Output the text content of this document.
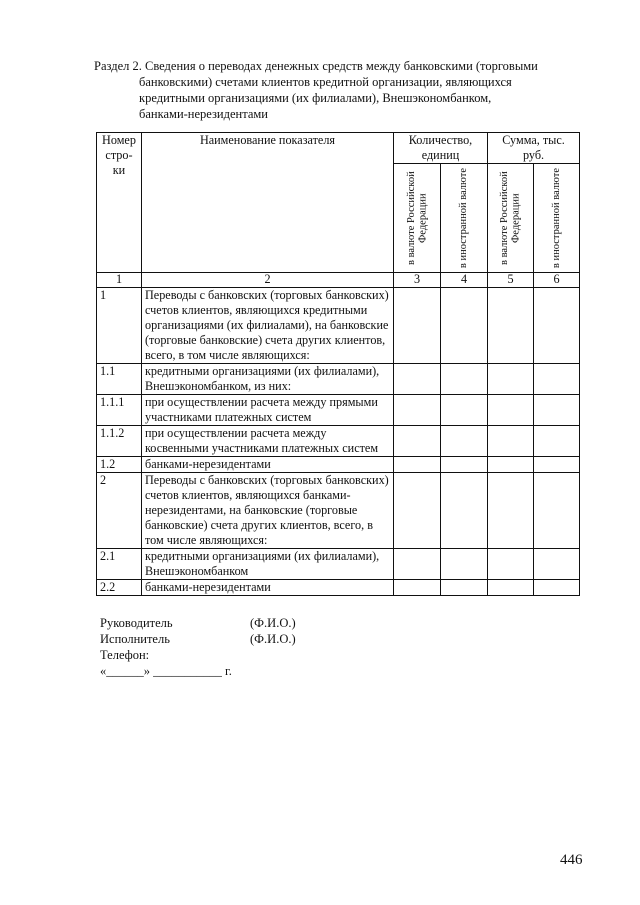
Раздел 2. Сведения о переводах денежных средств между банковскими (торговыми
банковскими) счетами клиентов кредитной организации, являющихся
кредитными организациями (их филиалами), Внешэкономбанком,
банками-нерезидентами
Номер стро-ки	Наименование показателя	Количество, единиц		Сумма, тыс. руб.	

		в валюте Российской Федерации	в иностранной валюте	в валюте Российской Федерации	в иностранной валюте

1	2	3	4	5	6
1	Переводы с банковских (торговых банковских) счетов клиентов, являющихся кредитными организациями (их филиалами), на банковские (торговые банковские) счета других клиентов, всего, в том числе являющихся:				
1.1	кредитными организациями (их филиалами), Внешэкономбанком, из них:				
1.1.1	при осуществлении расчета между прямыми участниками платежных систем				
1.1.2	при осуществлении расчета между косвенными участниками платежных систем				
1.2	банками-нерезидентами				
2	Переводы с банковских (торговых банковских) счетов клиентов, являющихся банками-нерезидентами, на банковские (торговые банковские) счета других клиентов, всего, в том числе являющихся:				
2.1	кредитными организациями (их филиалами), Внешэкономбанком				
2.2	банками-нерезидентами				
Руководитель	(Ф.И.О.)
Исполнитель	(Ф.И.О.)
Телефон:
«______» ___________ г.
446
